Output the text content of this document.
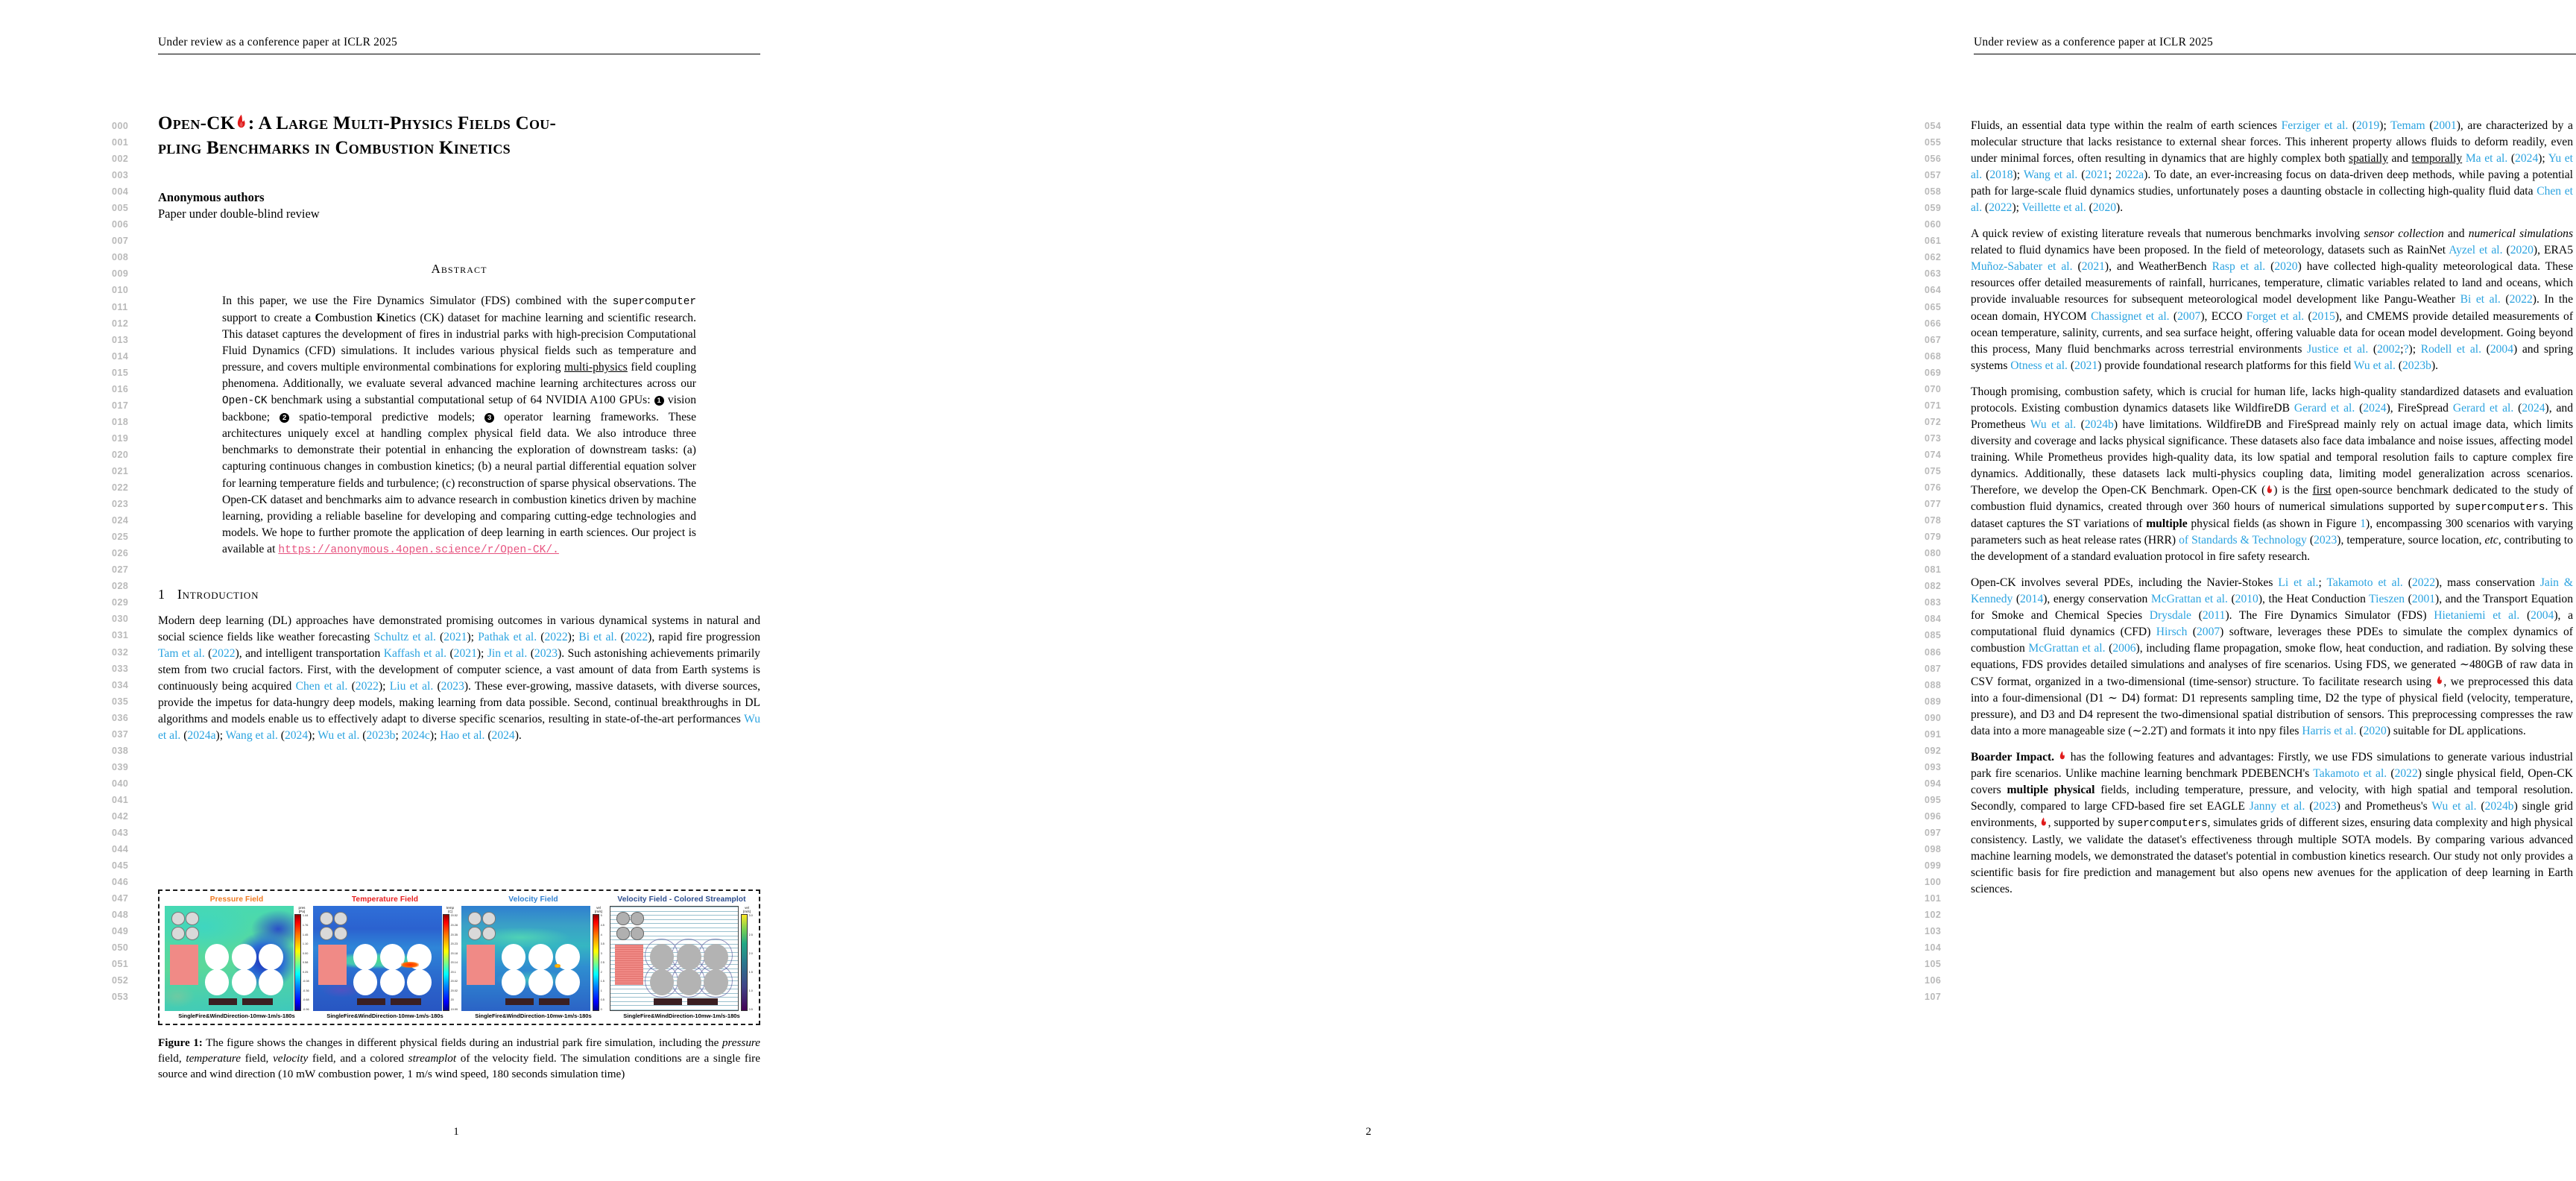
Under review as a conference paper at ICLR 2025
000
001
002
003
004
005
006
007
008
009
010
011
012
013
014
015
016
017
018
019
020
021
022
023
024
025
026
027
028
029
030
031
032
033
034
035
036
037
038
039
040
041
042
043
044
045
046
047
048
049
050
051
052
053
Open-CK : A Large Multi-Physics Fields Cou-
pling Benchmarks in Combustion Kinetics
Anonymous authors
Paper under double-blind review
Abstract
In this paper, we use the Fire Dynamics Simulator (FDS) combined with the supercomputer support to create a Combustion Kinetics (CK) dataset for machine learning and scientific research. This dataset captures the development of fires in industrial parks with high-precision Computational Fluid Dynamics (CFD) simulations. It includes various physical fields such as temperature and pressure, and covers multiple environmental combinations for exploring multi-physics field coupling phenomena. Additionally, we evaluate several advanced machine learning architectures across our Open-CK benchmark using a substantial computational setup of 64 NVIDIA A100 GPUs: 1 vision backbone; 2 spatio-temporal predictive models; 3 operator learning frameworks. These architectures uniquely excel at handling complex physical field data. We also introduce three benchmarks to demonstrate their potential in enhancing the exploration of downstream tasks: (a) capturing continuous changes in combustion kinetics; (b) a neural partial differential equation solver for learning temperature fields and turbulence; (c) reconstruction of sparse physical observations. The Open-CK dataset and benchmarks aim to advance research in combustion kinetics driven by machine learning, providing a reliable baseline for developing and comparing cutting-edge technologies and models. We hope to further promote the application of deep learning in earth sciences. Our project is available at https://anonymous.4open.science/r/Open-CK/.
1 Introduction

Modern deep learning (DL) approaches have demonstrated promising outcomes in various dynamical systems in natural and social science fields like weather forecasting Schultz et al. (2021); Pathak et al. (2022); Bi et al. (2022), rapid fire progression Tam et al. (2022), and intelligent transportation Kaffash et al. (2021); Jin et al. (2023). Such astonishing achievements primarily stem from two crucial factors. First, with the development of computer science, a vast amount of data from Earth systems is continuously being acquired Chen et al. (2022); Liu et al. (2023). These ever-growing, massive datasets, with diverse sources, provide the impetus for data-hungry deep models, making learning from data possible. Second, continual breakthroughs in DL algorithms and models enable us to effectively adapt to diverse specific scenarios, resulting in state-of-the-art performances Wu et al. (2024a); Wang et al. (2024); Wu et al. (2023b; 2024c); Hao et al. (2024).

Pressure Field
pres
(Pa)
1.44
1.76
1.45
1.10
0.00
0.58
0.25
-0.08
-0.36
-0.68
-0.96
SingleFire&WindDirection-10mw-1m/s-180s
Temperature Field
temp
(C)
20.52
20.28
20.35
20.23
20.18
20.14
20.1
20.02
20.02
20
19.99
SingleFire&WindDirection-10mw-1m/s-180s
Velocity Field
vel
(m/s)
5
4.5
4
3.5
3
2.5
2
1.5
1
0.5
0
SingleFire&WindDirection-10mw-1m/s-180s
Velocity Field - Colored Streamplot
vel
(m/s)
3.0
2.5
2.0
1.5
1.0
0.5
SingleFire&WindDirection-10mw-1m/s-180s
Figure 1: The figure shows the changes in different physical fields during an industrial park fire simulation, including the pressure field, temperature field, velocity field, and a colored streamplot of the velocity field. The simulation conditions are a single fire source and wind direction (10 mW combustion power, 1 m/s wind speed, 180 seconds simulation time)
1
Under review as a conference paper at ICLR 2025
054
055
056
057
058
059
060
061
062
063
064
065
066
067
068
069
070
071
072
073
074
075
076
077
078
079
080
081
082
083
084
085
086
087
088
089
090
091
092
093
094
095
096
097
098
099
100
101
102
103
104
105
106
107

Fluids, an essential data type within the realm of earth sciences Ferziger et al. (2019); Temam (2001), are characterized by a molecular structure that lacks resistance to external shear forces. This inherent property allows fluids to deform readily, even under minimal forces, often resulting in dynamics that are highly complex both spatially and temporally Ma et al. (2024); Yu et al. (2018); Wang et al. (2021; 2022a). To date, an ever-increasing focus on data-driven deep methods, while paving a potential path for large-scale fluid dynamics studies, unfortunately poses a daunting obstacle in collecting high-quality fluid data Chen et al. (2022); Veillette et al. (2020).

A quick review of existing literature reveals that numerous benchmarks involving sensor collection and numerical simulations related to fluid dynamics have been proposed. In the field of meteorology, datasets such as RainNet Ayzel et al. (2020), ERA5 Muñoz-Sabater et al. (2021), and WeatherBench Rasp et al. (2020) have collected high-quality meteorological data. These resources offer detailed measurements of rainfall, hurricanes, temperature, climatic variables related to land and oceans, which provide invaluable resources for subsequent meteorological model development like Pangu-Weather Bi et al. (2022). In the ocean domain, HYCOM Chassignet et al. (2007), ECCO Forget et al. (2015), and CMEMS provide detailed measurements of ocean temperature, salinity, currents, and sea surface height, offering valuable data for ocean model development. Going beyond this process, Many fluid benchmarks across terrestrial environments Justice et al. (2002;?); Rodell et al. (2004) and spring systems Otness et al. (2021) provide foundational research platforms for this field Wu et al. (2023b).

Though promising, combustion safety, which is crucial for human life, lacks high-quality standardized datasets and evaluation protocols. Existing combustion dynamics datasets like WildfireDB Gerard et al. (2024), FireSpread Gerard et al. (2024), and Prometheus Wu et al. (2024b) have limitations. WildfireDB and FireSpread mainly rely on actual image data, which limits diversity and coverage and lacks physical significance. These datasets also face data imbalance and noise issues, affecting model training. While Prometheus provides high-quality data, its low spatial and temporal resolution fails to capture complex fire dynamics. Additionally, these datasets lack multi-physics coupling data, limiting model generalization across scenarios. Therefore, we develop the Open-CK Benchmark. Open-CK ( ) is the first open-source benchmark dedicated to the study of combustion fluid dynamics, created through over 360 hours of numerical simulations supported by supercomputers. This dataset captures the ST variations of multiple physical fields (as shown in Figure 1), encompassing 300 scenarios with varying parameters such as heat release rates (HRR) of Standards & Technology (2023), temperature, source location, etc, contributing to the development of a standard evaluation protocol in fire safety research.

Open-CK involves several PDEs, including the Navier-Stokes Li et al.; Takamoto et al. (2022), mass conservation Jain & Kennedy (2014), energy conservation McGrattan et al. (2010), the Heat Conduction Tieszen (2001), and the Transport Equation for Smoke and Chemical Species Drysdale (2011). The Fire Dynamics Simulator (FDS) Hietaniemi et al. (2004), a computational fluid dynamics (CFD) Hirsch (2007) software, leverages these PDEs to simulate the complex dynamics of combustion McGrattan et al. (2006), including flame propagation, smoke flow, heat conduction, and radiation. By solving these equations, FDS provides detailed simulations and analyses of fire scenarios. Using FDS, we generated ∼480GB of raw data in CSV format, organized in a two-dimensional (time-sensor) structure. To facilitate research using
, we preprocessed this data into a four-dimensional (D1 ∼ D4) format: D1 represents sampling time, D2 the type of physical field (velocity, temperature, pressure), and D3 and D4 represent the two-dimensional spatial distribution of sensors. This preprocessing compresses the raw data into a more manageable size (∼2.2T) and formats it into npy files Harris et al. (2020) suitable for DL applications.

Boarder Impact.
has the following features and advantages: Firstly, we use FDS simulations to generate various industrial park fire scenarios. Unlike machine learning benchmark PDEBENCH's Takamoto et al. (2022) single physical field, Open-CK covers multiple physical fields, including temperature, pressure, and velocity, with high spatial and temporal resolution. Secondly, compared to large CFD-based fire set EAGLE Janny et al. (2023) and Prometheus's Wu et al. (2024b) single grid environments,
, supported by supercomputers, simulates grids of different sizes, ensuring data complexity and high physical consistency. Lastly, we validate the dataset's effectiveness through multiple SOTA models. By comparing various advanced machine learning models, we demonstrated the dataset's potential in combustion kinetics research. Our study not only provides a scientific basis for fire prediction and management but also opens new avenues for the application of deep learning in Earth sciences.

2
